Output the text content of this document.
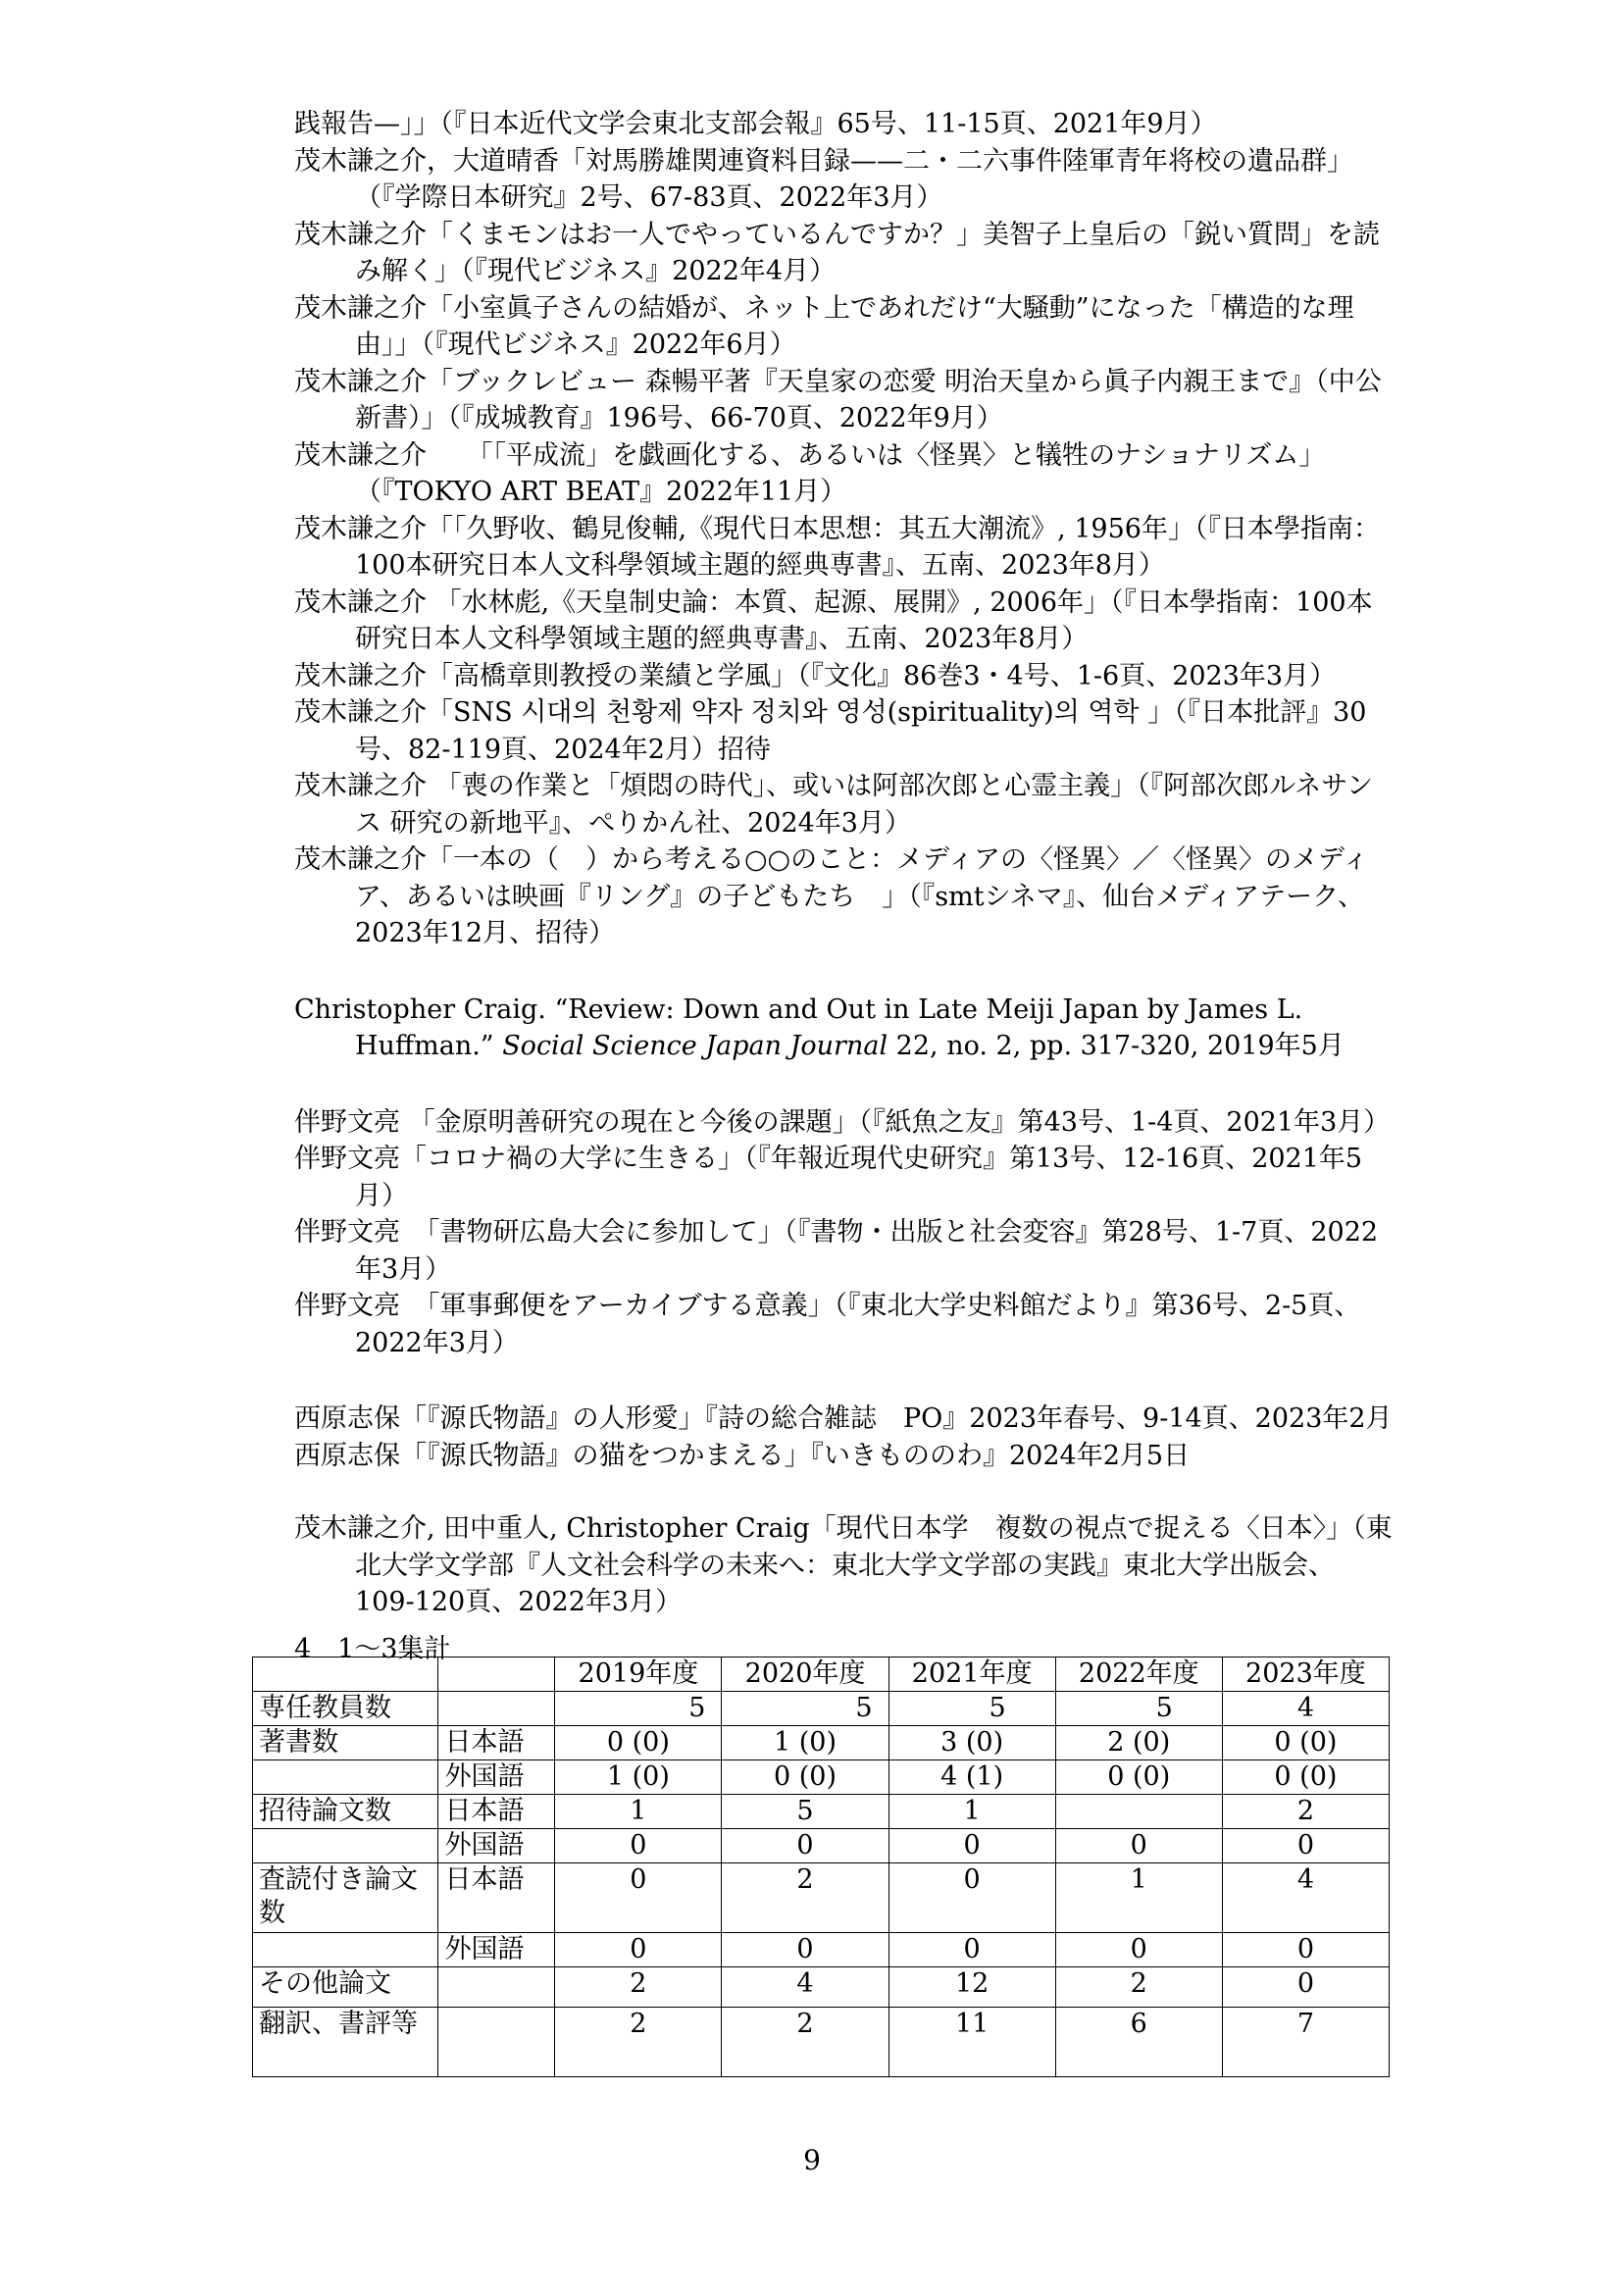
践報告—」」（『日本近代文学会東北支部会報』65号、11-15頁、2021年9月）

茂木謙之介，大道晴香「対馬勝雄関連資料目録——二・二六事件陸軍青年将校の遺品群」（『学際日本研究』2号、67-83頁、2022年3月）

茂木謙之介「くまモンはお一人でやっているんですか？」美智子上皇后の「鋭い質問」を読み解く」（『現代ビジネス』2022年4月）

茂木謙之介「小室眞子さんの結婚が、ネット上であれだけ“大騒動”になった「構造的な理由」」（『現代ビジネス』2022年6月）

茂木謙之介「ブックレビュー 森暢平著『天皇家の恋愛 明治天皇から眞子内親王まで』（中公新書）」（『成城教育』196号、66-70頁、2022年9月）

茂木謙之介　　「「平成流」を戯画化する、あるいは〈怪異〉と犠牲のナショナリズム」（『TOKYO ART BEAT』2022年11月）

茂木謙之介「「久野收、鶴見俊輔,《現代日本思想：其五大潮流》, 1956年」（『日本學指南：100本研究日本人文科學領域主題的經典専書』、五南、2023年8月）

茂木謙之介 「水林彪,《天皇制史論：本質、起源、展開》, 2006年」（『日本學指南：100本研究日本人文科學領域主題的經典専書』、五南、2023年8月）

茂木謙之介「高橋章則教授の業績と学風」（『文化』86巻3・4号、1-6頁、2023年3月）

茂木謙之介「SNS 시대의 천황제 약자 정치와 영성(spirituality)의 역학 」（『日本批評』30号、82-119頁、2024年2月）招待

茂木謙之介 「喪の作業と「煩悶の時代」、或いは阿部次郎と心霊主義」（『阿部次郎ルネサンス 研究の新地平』、ぺりかん社、2024年3月）

茂木謙之介「一本の（　）から考える○○のこと：メディアの〈怪異〉／〈怪異〉のメディア、あるいは映画『リング』の子どもたち　」（『smtシネマ』、仙台メディアテーク、2023年12月、招待）

Christopher Craig. “Review: Down and Out in Late Meiji Japan by James L. Huffman.” Social Science Japan Journal 22, no. 2, pp. 317-320, 2019年5月

伴野文亮 「金原明善研究の現在と今後の課題」（『紙魚之友』第43号、1-4頁、2021年3月）

伴野文亮「コロナ禍の大学に生きる」（『年報近現代史研究』第13号、12-16頁、2021年5月）

伴野文亮　「書物研広島大会に参加して」（『書物・出版と社会変容』第28号、1-7頁、2022年3月）

伴野文亮　「軍事郵便をアーカイブする意義」（『東北大学史料館だより』第36号、2-5頁、2022年3月）

西原志保「『源氏物語』の人形愛」『詩の総合雑誌　PO』2023年春号、9-14頁、2023年2月

西原志保「『源氏物語』の猫をつかまえる」『いきもののわ』2024年2月5日

茂木謙之介, 田中重人, Christopher Craig「現代日本学　複数の視点で捉える〈日本〉」（東北大学文学部『人文社会科学の未来へ：東北大学文学部の実践』東北大学出版会、109-120頁、2022年3月）

4　1～3集計
		2019年度	2020年度	2021年度	2022年度	2023年度
専任教員数		5	5	5	5	4
著書数	日本語	0 (0)	1 (0)	3 (0)	2 (0)	0 (0)
	外国語	1 (0)	0 (0)	4 (1)	0 (0)	0 (0)
招待論文数	日本語	1	5	1		2
	外国語	0	0	0	0	0
査読付き論文数	日本語	0	2	0	1	4
	外国語	0	0	0	0	0
その他論文		2	4	12	2	0
翻訳、書評等		2	2	11	6	7
9
